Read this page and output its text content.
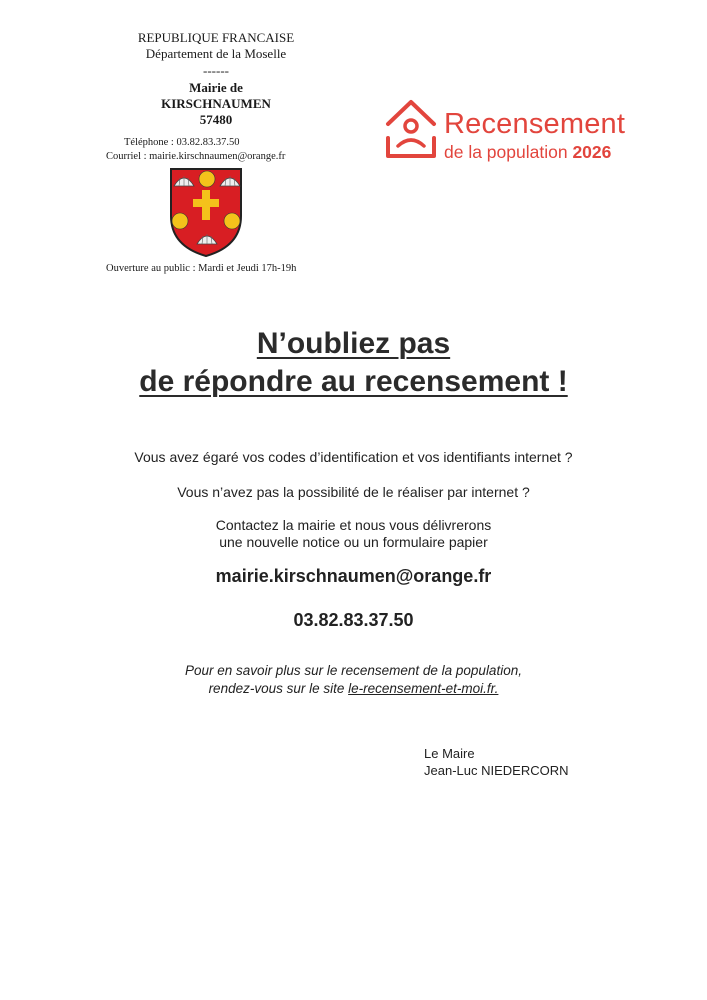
REPUBLIQUE FRANCAISE
Département de la Moselle
------
Mairie de
KIRSCHNAUMEN
57480
Téléphone : 03.82.83.37.50
Courriel : mairie.kirschnaumen@orange.fr
Ouverture au public : Mardi et Jeudi 17h-19h
Recensement
de la population 2026
N’oubliez pas
de répondre au recensement !
Vous avez égaré vos codes d’identification et vos identifiants internet ?
Vous n’avez pas la possibilité de le réaliser par internet ?
Contactez la mairie et nous vous délivrerons
une nouvelle notice ou un formulaire papier
mairie.kirschnaumen@orange.fr
03.82.83.37.50
Pour en savoir plus sur le recensement de la population,
rendez-vous sur le site le-recensement-et-moi.fr.
Le Maire
Jean-Luc NIEDERCORN
